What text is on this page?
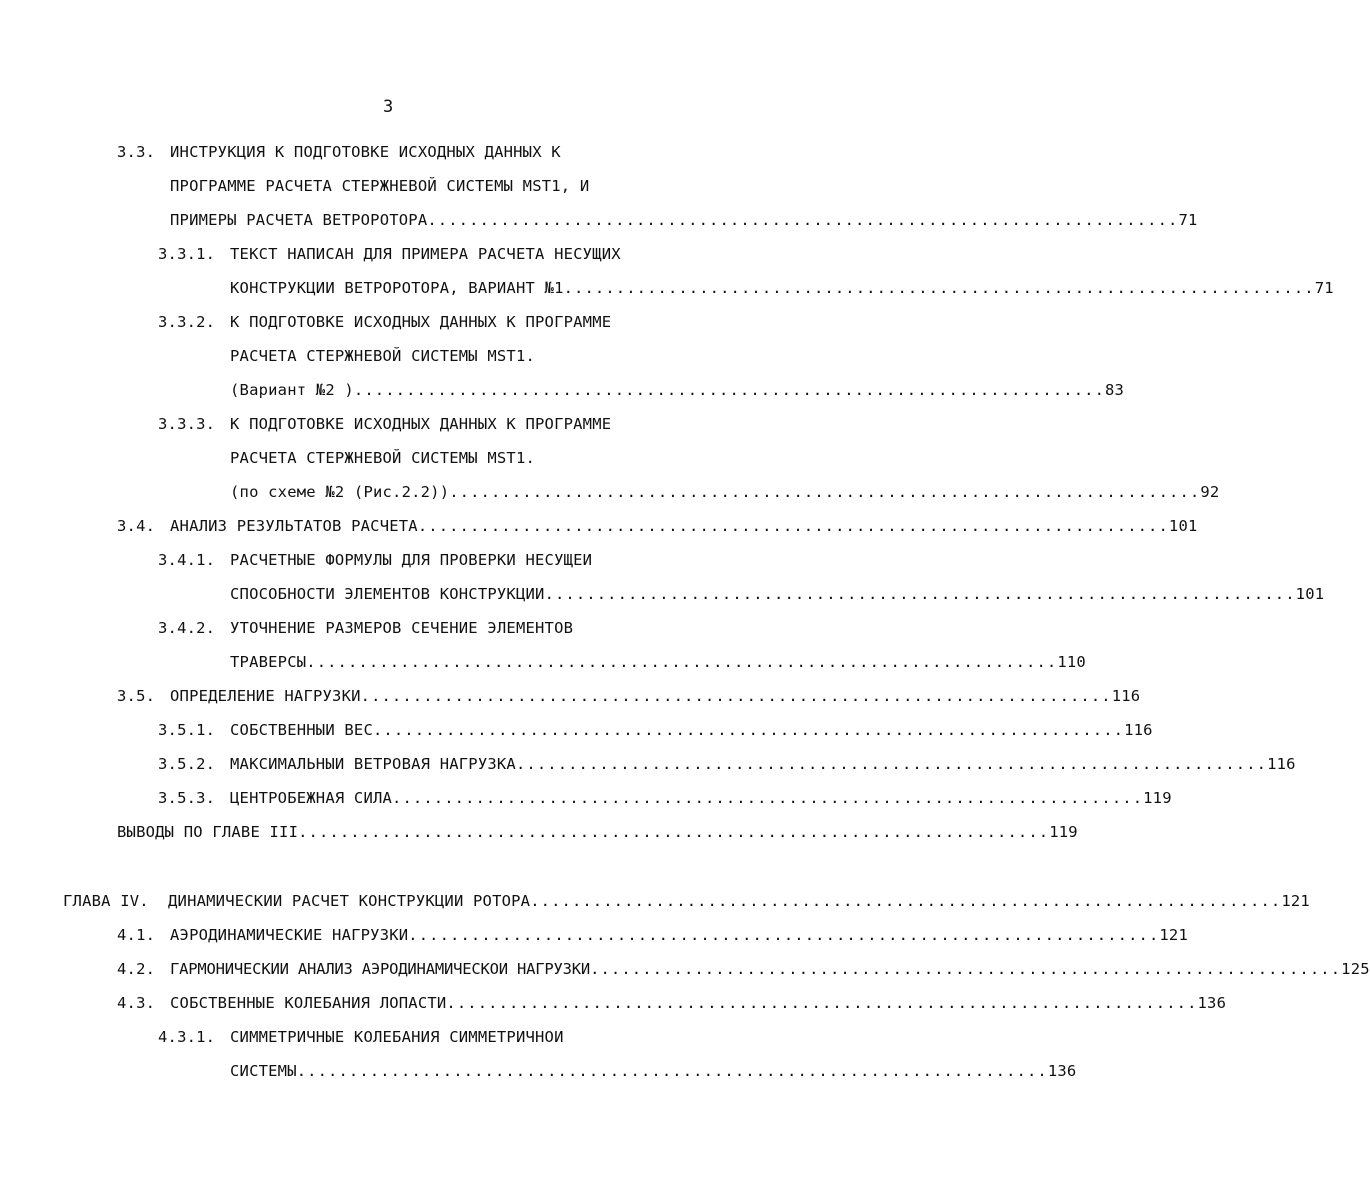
3
3.3. ИНСТРУКЦИЯ К ПОДГОТОВКЕ ИСХОДНЫХ ДАННЫХ К
ПРОГРАММЕ РАСЧЕТА СТЕРЖНЕВОЙ СИСТЕМЫ MST1, И
ПРИМЕРЫ РАСЧЕТА ВЕТРОРОТОРА ........................................................................ 71
3.3.1. ТЕКСТ НАПИСАН ДЛЯ ПРИМЕРА РАСЧЕТА НЕСУЩИХ
КОНСТРУКЦИИ ВЕТРОРОТОРА, ВАРИАНТ №1 ........................................................................ 71
3.3.2. К ПОДГОТОВКЕ ИСХОДНЫХ ДАННЫХ К ПРОГРАММЕ
РАСЧЕТА СТЕРЖНЕВОЙ СИСТЕМЫ MST1.
(Вариант №2 ) ........................................................................ 83
3.3.3. К ПОДГОТОВКЕ ИСХОДНЫХ ДАННЫХ К ПРОГРАММЕ
РАСЧЕТА СТЕРЖНЕВОЙ СИСТЕМЫ MST1.
(по схеме №2 (Рис.2.2)) ........................................................................ 92
3.4. АНАЛИЗ РЕЗУЛЬТАТОВ РАСЧЕТА ........................................................................ 101
3.4.1. РАСЧЕТНЫЕ ФОРМУЛЫ ДЛЯ ПРОВЕРКИ НЕСУЩЕИ
СПОСОБНОСТИ ЭЛЕМЕНТОВ КОНСТРУКЦИИ ........................................................................ 101
3.4.2. УТОЧНЕНИЕ РАЗМЕРОВ СЕЧЕНИЕ ЭЛЕМЕНТОВ
ТРАВЕРСЫ ........................................................................ 110
3.5. ОПРЕДЕЛЕНИЕ НАГРУЗКИ ........................................................................ 116
3.5.1. СОБСТВЕННЫИ ВЕС ........................................................................ 116
3.5.2. МАКСИМАЛЬНЫИ ВЕТРОВАЯ НАГРУЗКА ........................................................................ 116
3.5.3. ЦЕНТРОБЕЖНАЯ СИЛА ........................................................................ 119
ВЫВОДЫ ПО ГЛАВЕ III ........................................................................ 119
ГЛАВА IV.	ДИНАМИЧЕСКИИ РАСЧЕТ КОНСТРУКЦИИ РОТОРА ........................................................................ 121
4.1. АЭРОДИНАМИЧЕСКИЕ НАГРУЗКИ ........................................................................ 121
4.2. ГАРМОНИЧЕСКИИ АНАЛИЗ АЭРОДИНАМИЧЕСКОИ НАГРУЗКИ ........................................................................ 125
4.3. СОБСТВЕННЫЕ КОЛЕБАНИЯ ЛОПАСТИ ........................................................................ 136
4.3.1. СИММЕТРИЧНЫЕ КОЛЕБАНИЯ СИММЕТРИЧНОИ
СИСТЕМЫ ........................................................................ 136
